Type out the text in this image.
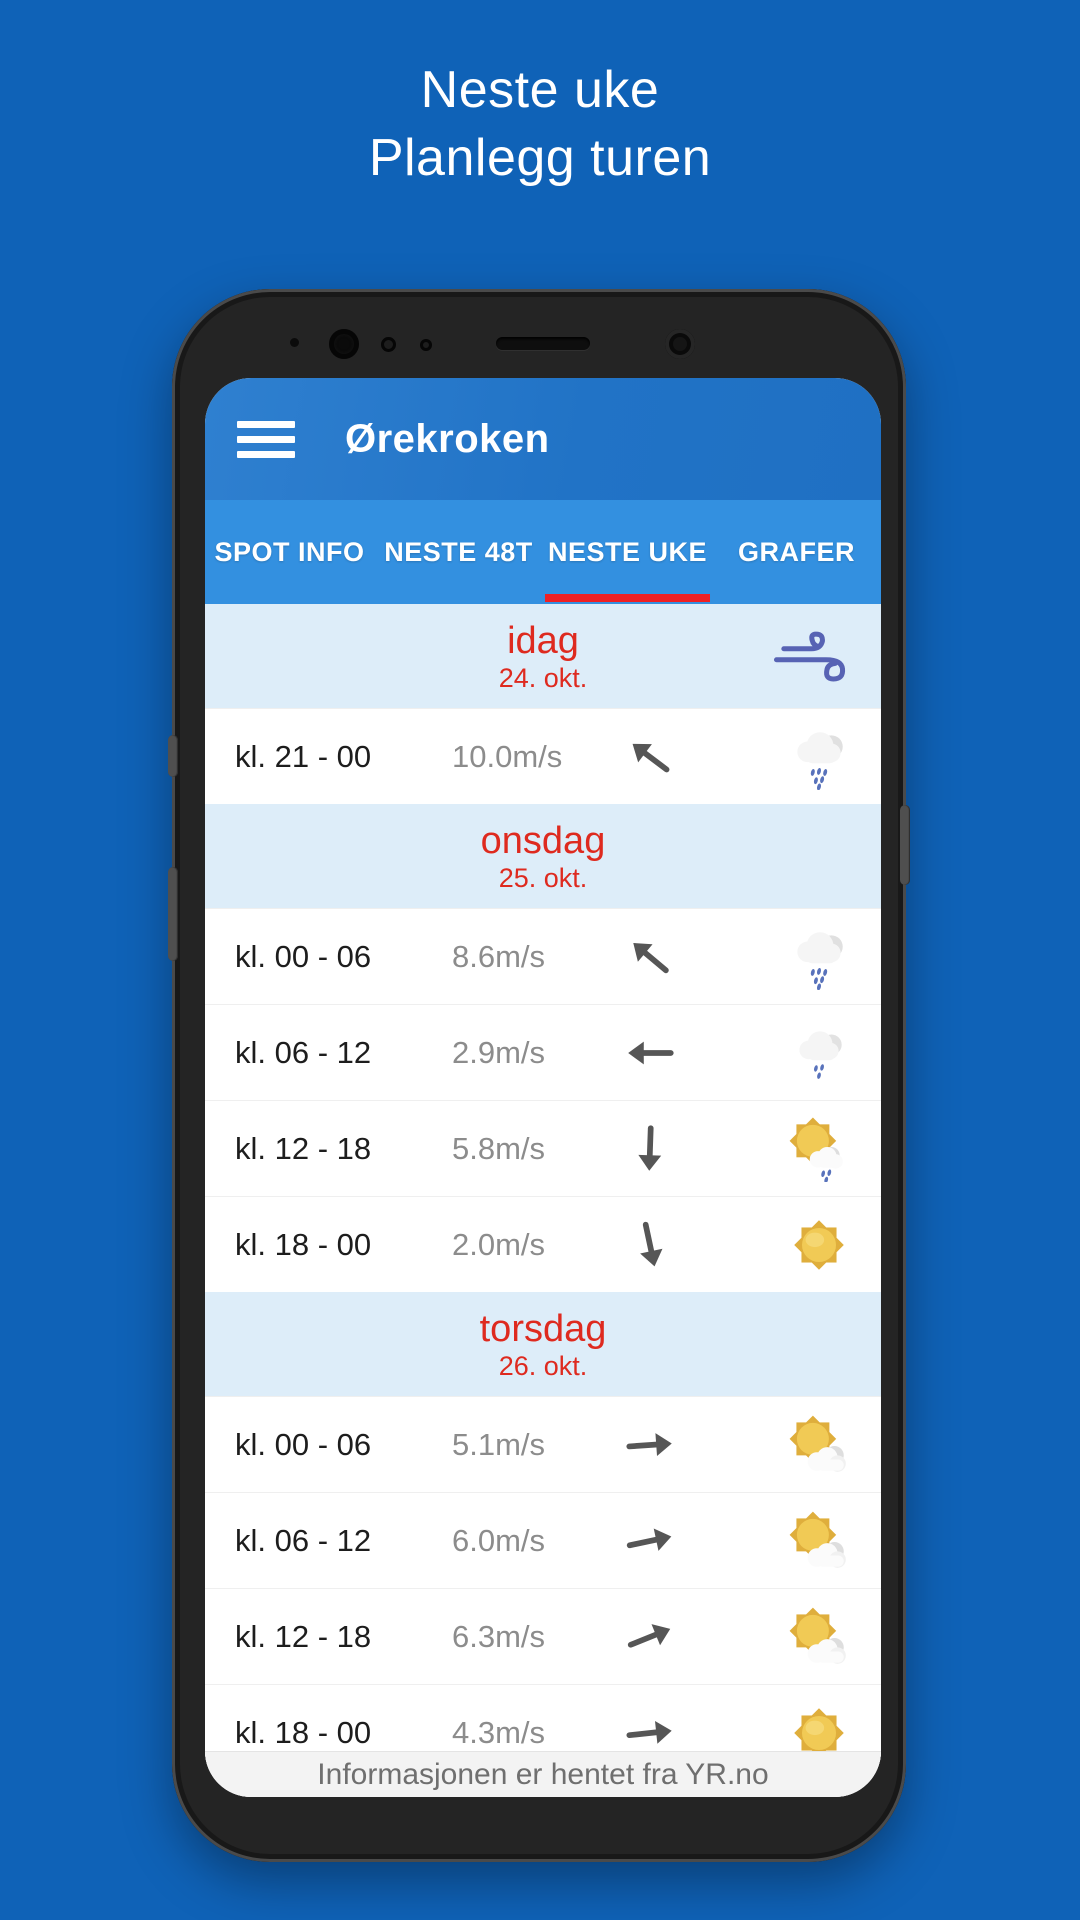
Neste uke
Planlegg turen
Ørekroken
SPOT INFO NESTE 48T NESTE UKE GRAFER
idag
24. okt.
kl. 21 - 00	10.0m/s
onsdag
25. okt.
kl. 00 - 06	8.6m/s
kl. 06 - 12	2.9m/s
kl. 12 - 18	5.8m/s
kl. 18 - 00	2.0m/s
torsdag
26. okt.
kl. 00 - 06	5.1m/s
kl. 06 - 12	6.0m/s
kl. 12 - 18	6.3m/s
kl. 18 - 00	4.3m/s
Informasjonen er hentet fra YR.no
